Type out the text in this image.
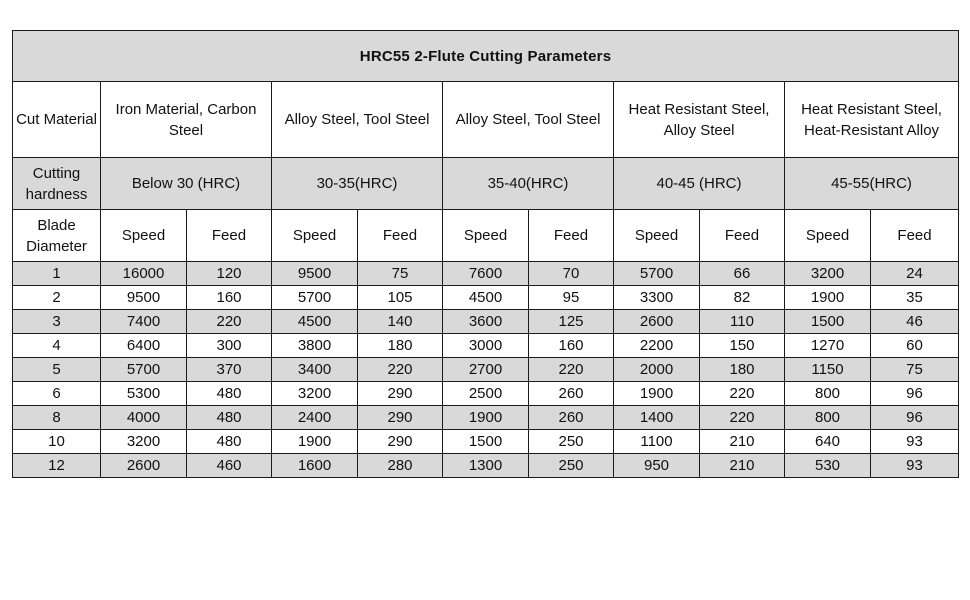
HRC55 2-Flute Cutting Parameters										
Cut Material	Iron Material, Carbon Steel		Alloy Steel, Tool Steel		Alloy Steel, Tool Steel		Heat Resistant Steel, Alloy Steel		Heat Resistant Steel, Heat-Resistant Alloy	
Cutting hardness	Below 30 (HRC)		30-35(HRC)		35-40(HRC)		40-45 (HRC)		45-55(HRC)	
Blade Diameter	Speed	Feed	Speed	Feed	Speed	Feed	Speed	Feed	Speed	Feed
1	16000	120	9500	75	7600	70	5700	66	3200	24
2	9500	160	5700	105	4500	95	3300	82	1900	35
3	7400	220	4500	140	3600	125	2600	110	1500	46
4	6400	300	3800	180	3000	160	2200	150	1270	60
5	5700	370	3400	220	2700	220	2000	180	1150	75
6	5300	480	3200	290	2500	260	1900	220	800	96
8	4000	480	2400	290	1900	260	1400	220	800	96
10	3200	480	1900	290	1500	250	1100	210	640	93
12	2600	460	1600	280	1300	250	950	210	530	93
